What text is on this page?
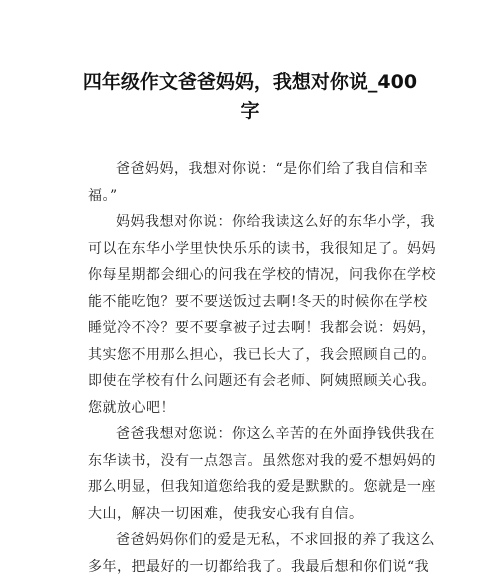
四年级作文爸爸妈妈，我想对你说_400
字

爸爸妈妈，我想对你说：“是你们给了我自信和幸
福。”

妈妈我想对你说：你给我读这么好的东华小学，我
可以在东华小学里快快乐乐的读书，我很知足了。妈妈
你每星期都会细心的问我在学校的情况，问我你在学校
能不能吃饱？要不要送饭过去啊!冬天的时候你在学校
睡觉冷不冷？要不要拿被子过去啊！我都会说：妈妈，
其实您不用那么担心，我已长大了，我会照顾自己的。
即使在学校有什么问题还有会老师、阿姨照顾关心我。
您就放心吧！

爸爸我想对您说：你这么辛苦的在外面挣钱供我在
东华读书，没有一点怨言。虽然您对我的爱不想妈妈的
那么明显，但我知道您给我的爱是默默的。您就是一座
大山，解决一切困难，使我安心我有自信。

爸爸妈妈你们的爱是无私，不求回报的养了我这么
多年，把最好的一切都给我了。我最后想和你们说“我
